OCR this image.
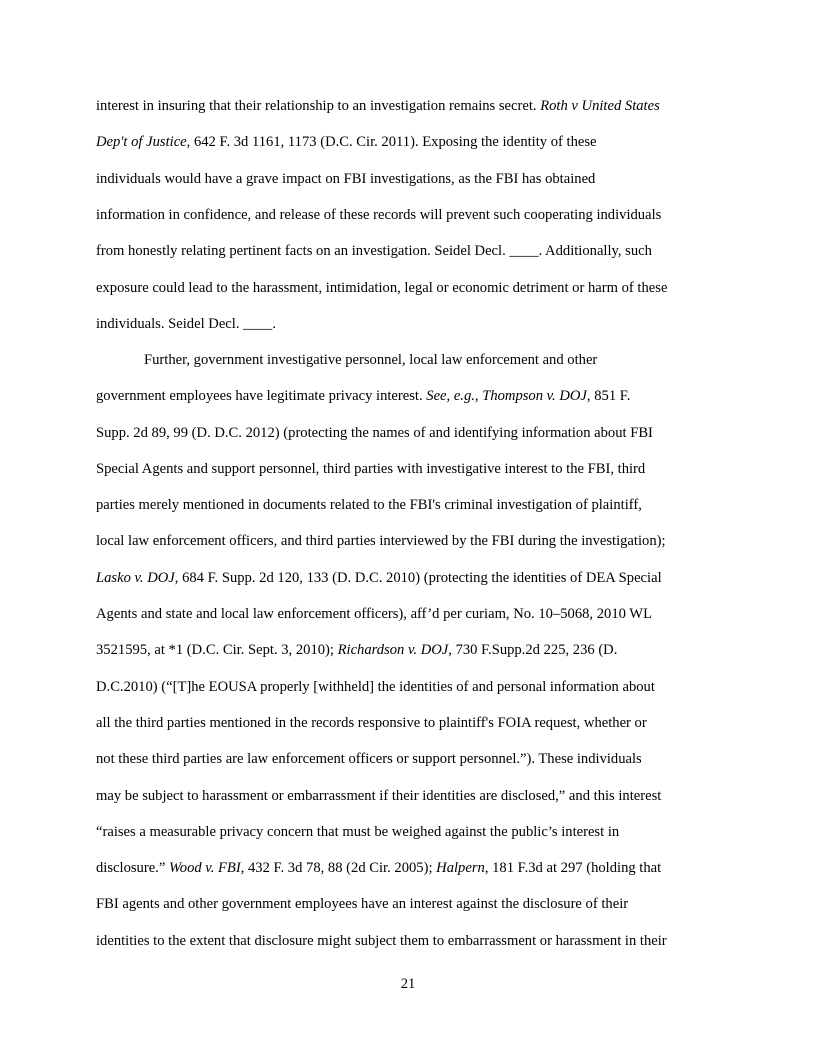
interest in insuring that their relationship to an investigation remains secret. Roth v United States
Dep't of Justice, 642 F. 3d 1161, 1173 (D.C. Cir. 2011). Exposing the identity of these
individuals would have a grave impact on FBI investigations, as the FBI has obtained
information in confidence, and release of these records will prevent such cooperating individuals
from honestly relating pertinent facts on an investigation. Seidel Decl. ____. Additionally, such
exposure could lead to the harassment, intimidation, legal or economic detriment or harm of these
individuals. Seidel Decl. ____.
Further, government investigative personnel, local law enforcement and other
government employees have legitimate privacy interest. See, e.g., Thompson v. DOJ, 851 F.
Supp. 2d 89, 99 (D. D.C. 2012) (protecting the names of and identifying information about FBI
Special Agents and support personnel, third parties with investigative interest to the FBI, third
parties merely mentioned in documents related to the FBI's criminal investigation of plaintiff,
local law enforcement officers, and third parties interviewed by the FBI during the investigation);
Lasko v. DOJ, 684 F. Supp. 2d 120, 133 (D. D.C. 2010) (protecting the identities of DEA Special
Agents and state and local law enforcement officers), aff’d per curiam, No. 10–5068, 2010 WL
3521595, at *1 (D.C. Cir. Sept. 3, 2010); Richardson v. DOJ, 730 F.Supp.2d 225, 236 (D.
D.C.2010) (“[T]he EOUSA properly [withheld] the identities of and personal information about
all the third parties mentioned in the records responsive to plaintiff's FOIA request, whether or
not these third parties are law enforcement officers or support personnel.”). These individuals
may be subject to harassment or embarrassment if their identities are disclosed,” and this interest
“raises a measurable privacy concern that must be weighed against the public’s interest in
disclosure.” Wood v. FBI, 432 F. 3d 78, 88 (2d Cir. 2005); Halpern, 181 F.3d at 297 (holding that
FBI agents and other government employees have an interest against the disclosure of their
identities to the extent that disclosure might subject them to embarrassment or harassment in their
21
